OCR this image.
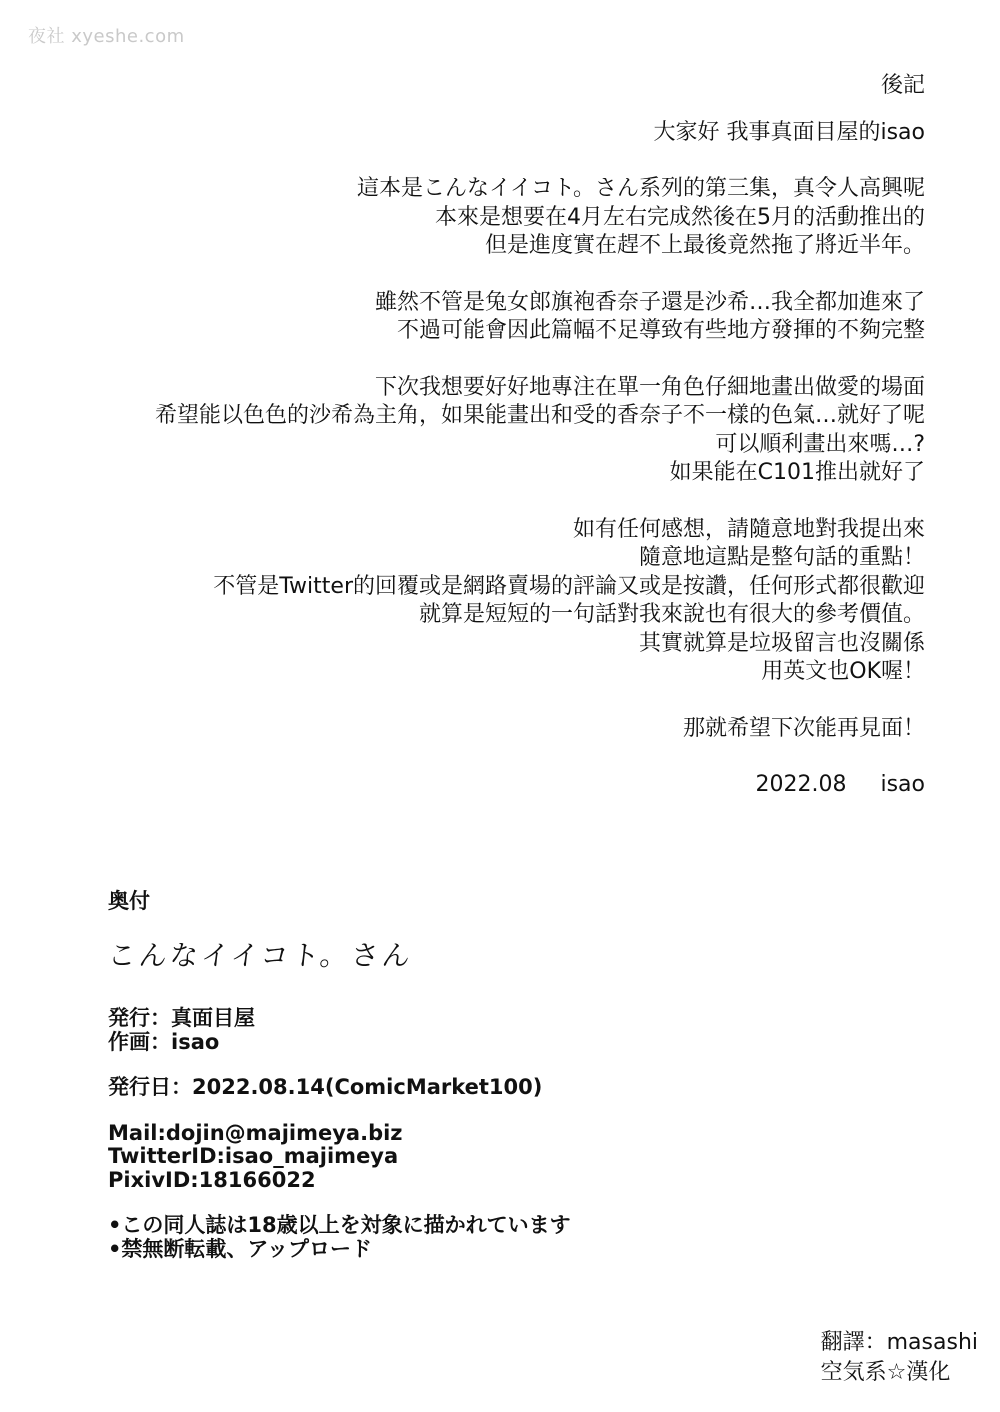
夜社 xyeshe.com
後記
大家好 我事真面目屋的isao
這本是こんなイイコト。さん系列的第三集，真令人高興呢
本來是想要在4月左右完成然後在5月的活動推出的
但是進度實在趕不上最後竟然拖了將近半年。
雖然不管是兔女郎旗袍香奈子還是沙希…我全都加進來了
不過可能會因此篇幅不足導致有些地方發揮的不夠完整
下次我想要好好地專注在單一角色仔細地畫出做愛的場面
希望能以色色的沙希為主角，如果能畫出和受的香奈子不一樣的色氣…就好了呢
可以順利畫出來嗎…?
如果能在C101推出就好了
如有任何感想，請隨意地對我提出來
隨意地這點是整句話的重點！
不管是Twitter的回覆或是網路賣場的評論又或是按讚，任何形式都很歡迎
就算是短短的一句話對我來說也有很大的參考價值。
其實就算是垃圾留言也沒關係
用英文也OK喔！
那就希望下次能再見面！
2022.08 isao
奥付
こんなイイコト。さん
発行：真面目屋
作画：isao
発行日：2022.08.14(ComicMarket100)
Mail:dojin@majimeya.biz
TwitterID:isao_majimeya
PixivID:18166022
•この同人誌は18歳以上を対象に描かれています
•禁無断転載、アップロード
翻譯：masashi
空気系☆漢化
